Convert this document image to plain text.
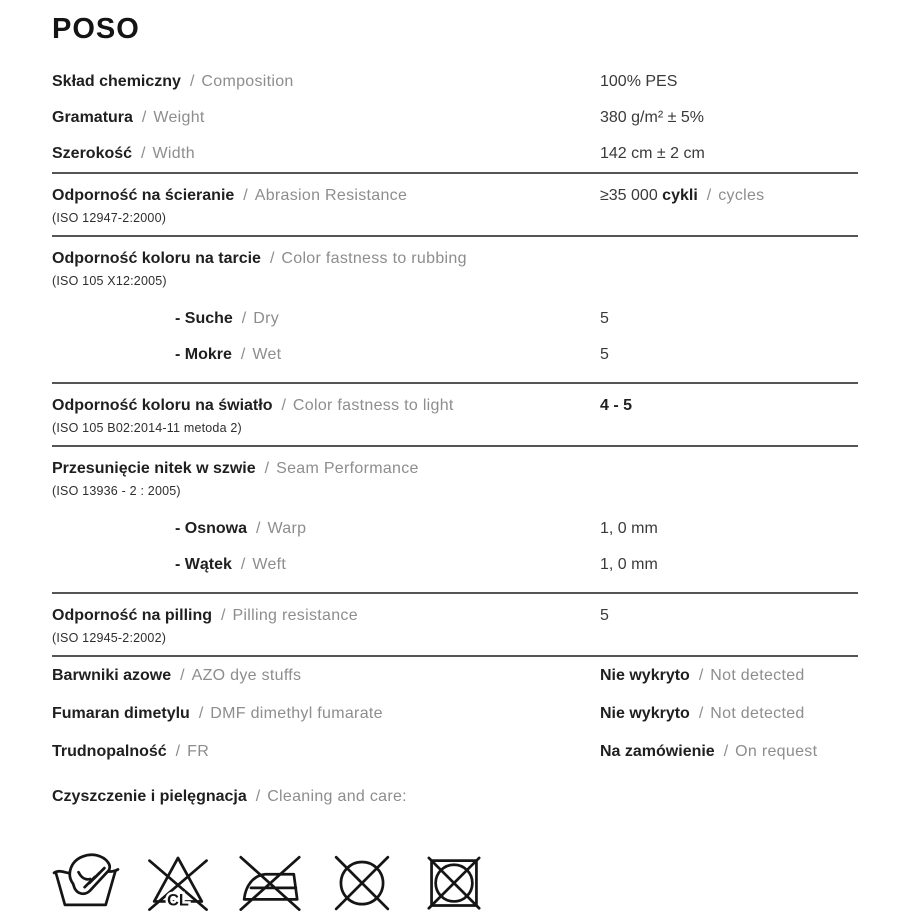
POSO
Skład chemiczny / Composition	100% PES
Gramatura / Weight	380 g/m² ± 5%
Szerokość / Width	142 cm ± 2 cm
Odporność na ścieranie / Abrasion Resistance	≥35 000 cykli / cycles
(ISO 12947-2:2000)
Odporność koloru na tarcie / Color fastness to rubbing
(ISO 105 X12:2005)
- Suche / Dry	5
- Mokre / Wet	5
Odporność koloru na światło / Color fastness to light	4 - 5
(ISO 105 B02:2014-11 metoda 2)
Przesunięcie nitek w szwie / Seam Performance
(ISO 13936 - 2 : 2005)
- Osnowa / Warp	1, 0 mm
- Wątek / Weft	1, 0 mm
Odporność na pilling / Pilling resistance	5
(ISO 12945-2:2002)
Barwniki azowe / AZO dye stuffs	Nie wykryto / Not detected
Fumaran dimetylu / DMF dimethyl fumarate	Nie wykryto / Not detected
Trudnopalność / FR	Na zamówienie / On request
Czyszczenie i pielęgnacja / Cleaning and care:
CL
